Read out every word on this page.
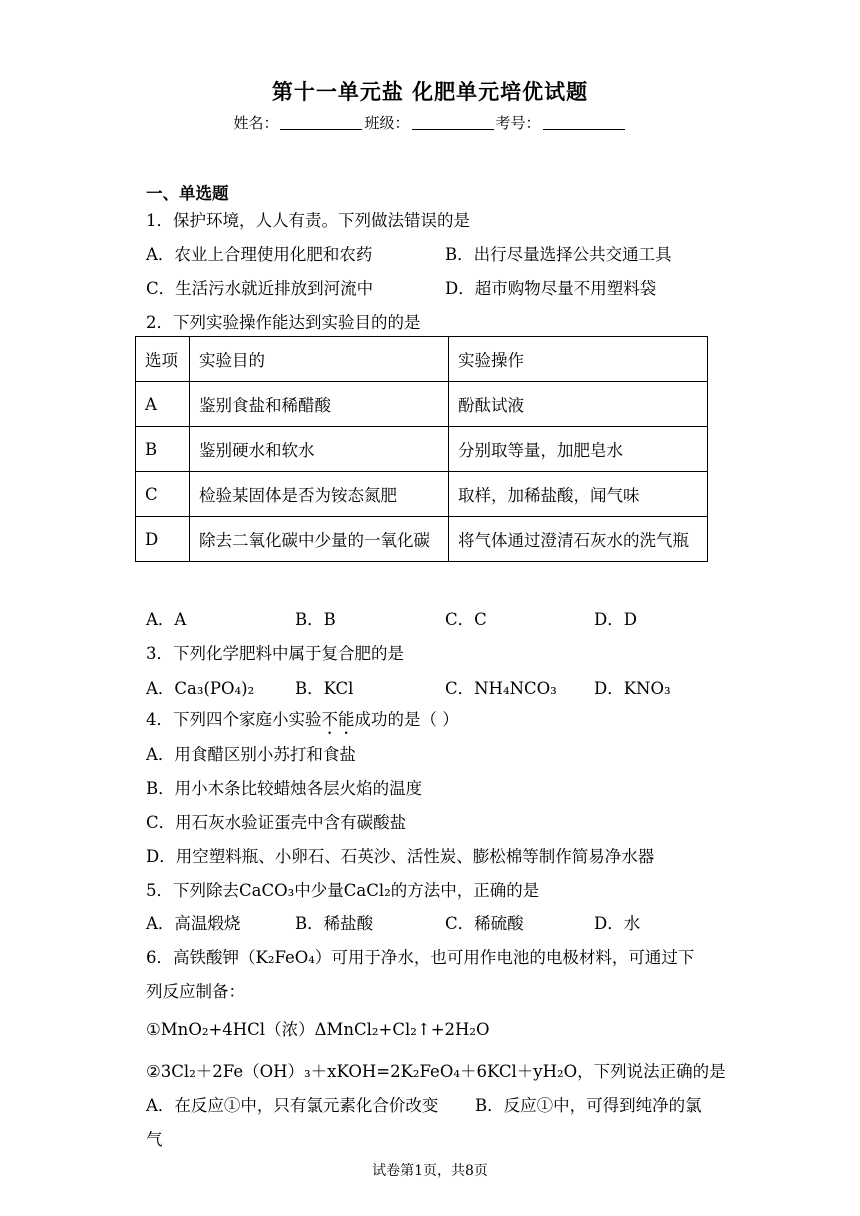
第十一单元盐 化肥单元培优试题
姓名：	班级：	考号：
一、单选题
1．保护环境，人人有责。下列做法错误的是
A．农业上合理使用化肥和农药	B．出行尽量选择公共交通工具
C．生活污水就近排放到河流中	D．超市购物尽量不用塑料袋
2．下列实验操作能达到实验目的的是
选项	实验目的	实验操作
A	鉴别食盐和稀醋酸	酚酞试液
B	鉴别硬水和软水	分别取等量，加肥皂水
C	检验某固体是否为铵态氮肥	取样，加稀盐酸，闻气味
D	除去二氧化碳中少量的一氧化碳	将气体通过澄清石灰水的洗气瓶
A．A	B．B	C．C	D．D
3．下列化学肥料中属于复合肥的是
A．Ca₃(PO₄)₂ B．KCl	C．NH₄NCO₃ D．KNO₃
4．下列四个家庭小实验不能成功的是（ ）
A．用食醋区别小苏打和食盐
B．用小木条比较蜡烛各层火焰的温度
C．用石灰水验证蛋壳中含有碳酸盐
D．用空塑料瓶、小卵石、石英沙、活性炭、膨松棉等制作简易净水器
5．下列除去CaCO₃中少量CaCl₂的方法中，正确的是
A．高温煅烧	B．稀盐酸	C．稀硫酸	D．水
6．高铁酸钾（K₂FeO₄）可用于净水，也可用作电池的电极材料，可通过下
列反应制备：
①MnO₂+4HCl（浓）ΔMnCl₂+Cl₂↑+2H₂O
②3Cl₂＋2Fe（OH）₃＋xKOH=2K₂FeO₄＋6KCl＋yH₂O，下列说法正确的是
A．在反应①中，只有氯元素化合价改变 B．反应①中，可得到纯净的氯
气
试卷第1页，共8页
